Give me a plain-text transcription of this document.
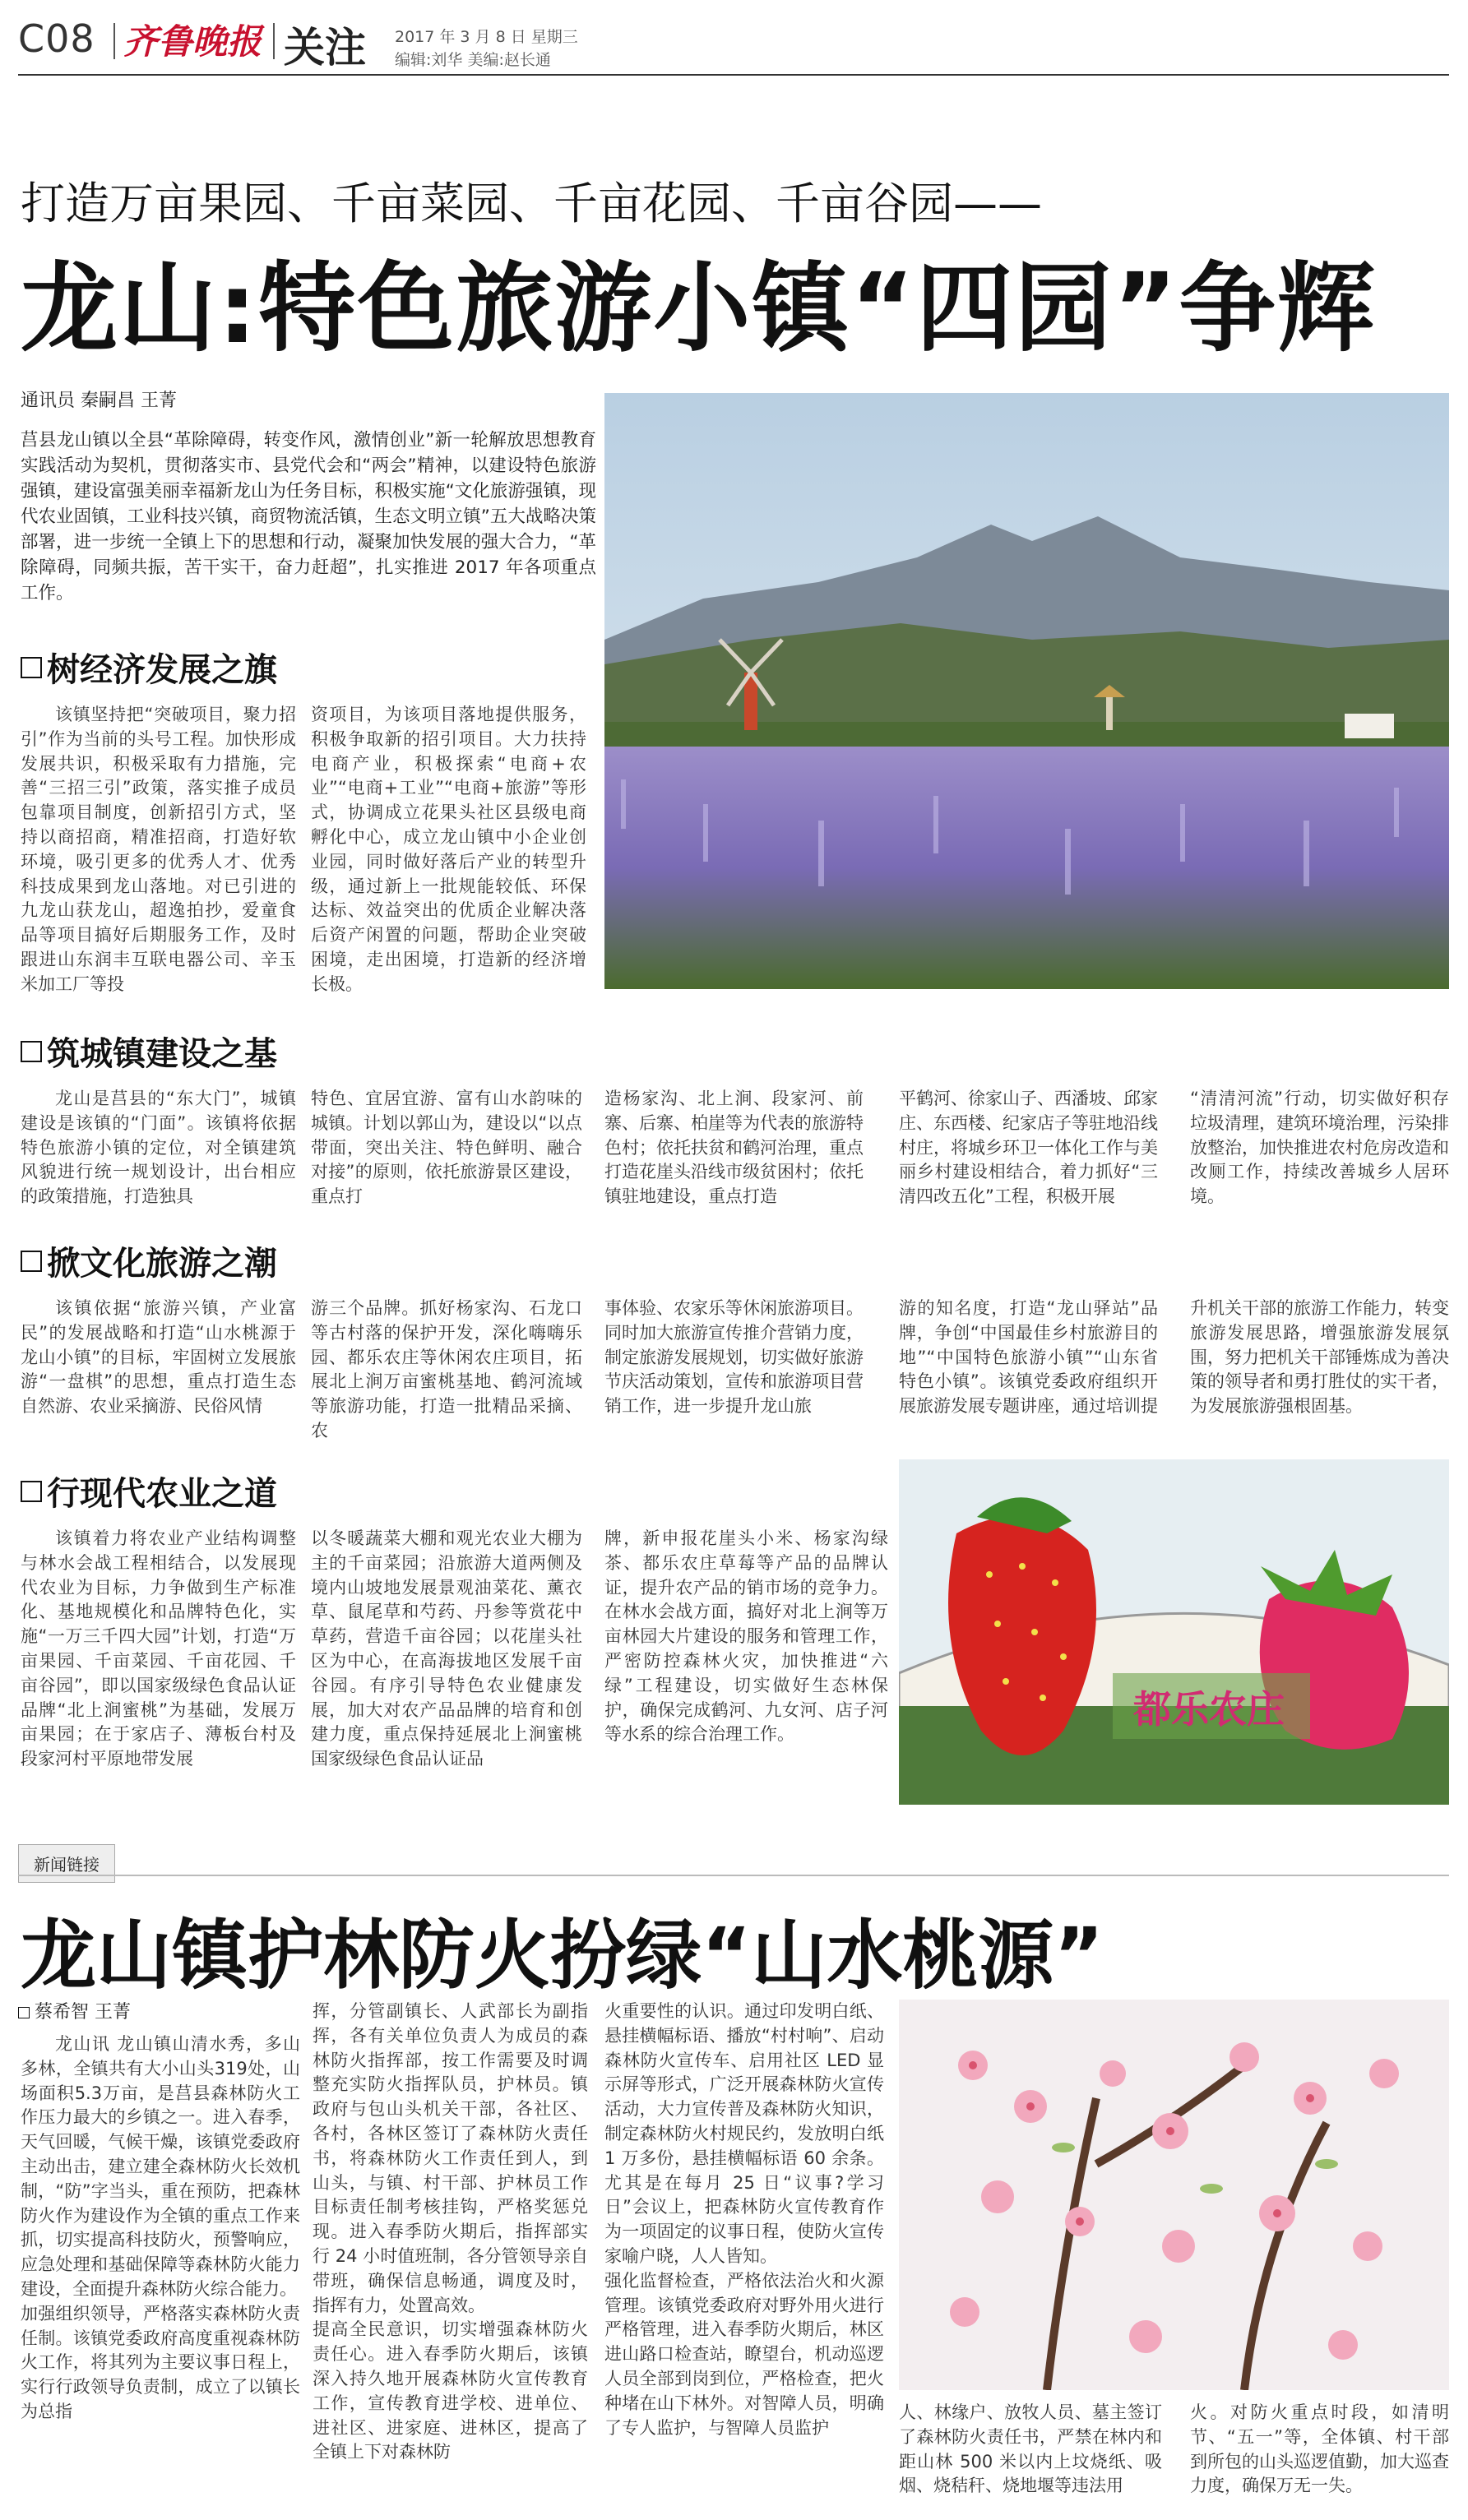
C08 齐鲁晚报 关注 2017 年 3 月 8 日 星期三
编辑:刘华 美编:赵长通
打造万亩果园、千亩菜园、千亩花园、千亩谷园——
龙山:特色旅游小镇“四园”争辉
通讯员 秦嗣昌 王菁
莒县龙山镇以全县“革除障碍，转变作风，激情创业”新一轮解放思想教育实践活动为契机，贯彻落实市、县党代会和“两会”精神，以建设特色旅游强镇，建设富强美丽幸福新龙山为任务目标，积极实施“文化旅游强镇，现代农业固镇，工业科技兴镇，商贸物流活镇，生态文明立镇”五大战略决策部署，进一步统一全镇上下的思想和行动，凝聚加快发展的强大合力，“革除障碍，同频共振，苦干实干，奋力赶超”，扎实推进 2017 年各项重点工作。
树经济发展之旗
该镇坚持把“突破项目，聚力招引”作为当前的头号工程。加快形成发展共识，积极采取有力措施，完善“三招三引”政策，落实推子成员包靠项目制度，创新招引方式，坚持以商招商，精准招商，打造好软环境，吸引更多的优秀人才、优秀科技成果到龙山落地。对已引进的九龙山获龙山，超逸拍抄，爱童食品等项目搞好后期服务工作，及时跟进山东润丰互联电器公司、辛玉米加工厂等投
资项目，为该项目落地提供服务，积极争取新的招引项目。大力扶持电商产业，积极探索“电商+农业”“电商+工业”“电商+旅游”等形式，协调成立花果头社区县级电商孵化中心，成立龙山镇中小企业创业园，同时做好落后产业的转型升级，通过新上一批规能较低、环保达标、效益突出的优质企业解决落后资产闲置的问题，帮助企业突破困境，走出困境，打造新的经济增长极。
筑城镇建设之基
龙山是莒县的“东大门”，城镇建设是该镇的“门面”。该镇将依据特色旅游小镇的定位，对全镇建筑风貌进行统一规划设计，出台相应的政策措施，打造独具
特色、宜居宜游、富有山水韵味的城镇。计划以郭山为，建设以“以点带面，突出关注、特色鲜明、融合对接”的原则，依托旅游景区建设，重点打
造杨家沟、北上涧、段家河、前寨、后寨、柏崖等为代表的旅游特色村；依托扶贫和鹤河治理，重点打造花崖头沿线市级贫困村；依托镇驻地建设，重点打造
平鹤河、徐家山子、西潘坡、邱家庄、东西楼、纪家店子等驻地沿线村庄，将城乡环卫一体化工作与美丽乡村建设相结合，着力抓好“三清四改五化”工程，积极开展
“清清河流”行动，切实做好积存垃圾清理，建筑环境治理，污染排放整治，加快推进农村危房改造和改厕工作，持续改善城乡人居环境。
掀文化旅游之潮
该镇依据“旅游兴镇，产业富民”的发展战略和打造“山水桃源于龙山小镇”的目标，牢固树立发展旅游“一盘棋”的思想，重点打造生态自然游、农业采摘游、民俗风情
游三个品牌。抓好杨家沟、石龙口等古村落的保护开发，深化嗨嗨乐园、都乐农庄等休闲农庄项目，拓展北上涧万亩蜜桃基地、鹤河流域等旅游功能，打造一批精品采摘、农
事体验、农家乐等休闲旅游项目。同时加大旅游宣传推介营销力度，制定旅游发展规划，切实做好旅游节庆活动策划，宣传和旅游项目营销工作，进一步提升龙山旅
游的知名度，打造“龙山驿站”品牌，争创“中国最佳乡村旅游目的地”“中国特色旅游小镇”“山东省特色小镇”。该镇党委政府组织开展旅游发展专题讲座，通过培训提
升机关干部的旅游工作能力，转变旅游发展思路，增强旅游发展氛围，努力把机关干部锤炼成为善决策的领导者和勇打胜仗的实干者，为发展旅游强根固基。
行现代农业之道
该镇着力将农业产业结构调整与林水会战工程相结合，以发展现代农业为目标，力争做到生产标准化、基地规模化和品牌特色化，实施“一万三千四大园”计划，打造“万亩果园、千亩菜园、千亩花园、千亩谷园”，即以国家级绿色食品认证品牌“北上涧蜜桃”为基础，发展万亩果园；在于家店子、薄板台村及段家河村平原地带发展
以冬暖蔬菜大棚和观光农业大棚为主的千亩菜园；沿旅游大道两侧及境内山坡地发展景观油菜花、薰衣草、鼠尾草和芍药、丹参等赏花中草药，营造千亩谷园；以花崖头社区为中心，在高海拔地区发展千亩谷园。有序引导特色农业健康发展，加大对农产品品牌的培育和创建力度，重点保持延展北上涧蜜桃国家级绿色食品认证品
牌，新申报花崖头小米、杨家沟绿茶、都乐农庄草莓等产品的品牌认证，提升农产品的销市场的竞争力。在林水会战方面，搞好对北上涧等万亩林园大片建设的服务和管理工作，严密防控森林火灾，加快推进“六绿”工程建设，切实做好生态林保护，确保完成鹤河、九女河、店子河等水系的综合治理工作。
都乐农庄
新闻链接
龙山镇护林防火扮绿“山水桃源”
蔡希智 王菁
龙山讯 龙山镇山清水秀，多山多林，全镇共有大小山头319处，山场面积5.3万亩，是莒县森林防火工作压力最大的乡镇之一。进入春季，天气回暖，气候干燥，该镇党委政府主动出击，建立建全森林防火长效机制，“防”字当头，重在预防，把森林防火作为建设作为全镇的重点工作来抓，切实提高科技防火，预警响应，应急处理和基础保障等森林防火能力建设，全面提升森林防火综合能力。
加强组织领导，严格落实森林防火责任制。该镇党委政府高度重视森林防火工作，将其列为主要议事日程上，实行行政领导负责制，成立了以镇长为总指
挥，分管副镇长、人武部长为副指挥，各有关单位负责人为成员的森林防火指挥部，按工作需要及时调整充实防火指挥队员，护林员。镇政府与包山头机关干部，各社区、各村，各林区签订了森林防火责任书，将森林防火工作责任到人，到山头，与镇、村干部、护林员工作目标责任制考核挂钩，严格奖惩兑现。进入春季防火期后，指挥部实行 24 小时值班制，各分管领导亲自带班，确保信息畅通，调度及时，指挥有力，处置高效。
提高全民意识，切实增强森林防火责任心。进入春季防火期后，该镇深入持久地开展森林防火宣传教育工作，宣传教育进学校、进单位、进社区、进家庭、进林区，提高了全镇上下对森林防
火重要性的认识。通过印发明白纸、悬挂横幅标语、播放“村村响”、启动森林防火宣传车、启用社区 LED 显示屏等形式，广泛开展森林防火宣传活动，大力宣传普及森林防火知识，制定森林防火村规民约，发放明白纸 1 万多份，悬挂横幅标语 60 余条。尤其是在每月 25 日“议事?学习日”会议上，把森林防火宣传教育作为一项固定的议事日程，使防火宣传家喻户晓，人人皆知。
强化监督检查，严格依法治火和火源管理。该镇党委政府对野外用火进行严格管理，进入春季防火期后，林区进山路口检查站，瞭望台，机动巡逻人员全部到岗到位，严格检查，把火种堵在山下林外。对智障人员，明确了专人监护，与智障人员监护
人、林缘户、放牧人员、墓主签订了森林防火责任书，严禁在林内和距山林 500 米以内上坟烧纸、吸烟、烧秸秆、烧地堰等违法用
火。对防火重点时段，如清明节、“五一”等，全体镇、村干部到所包的山头巡逻值勤，加大巡查力度，确保万无一失。
